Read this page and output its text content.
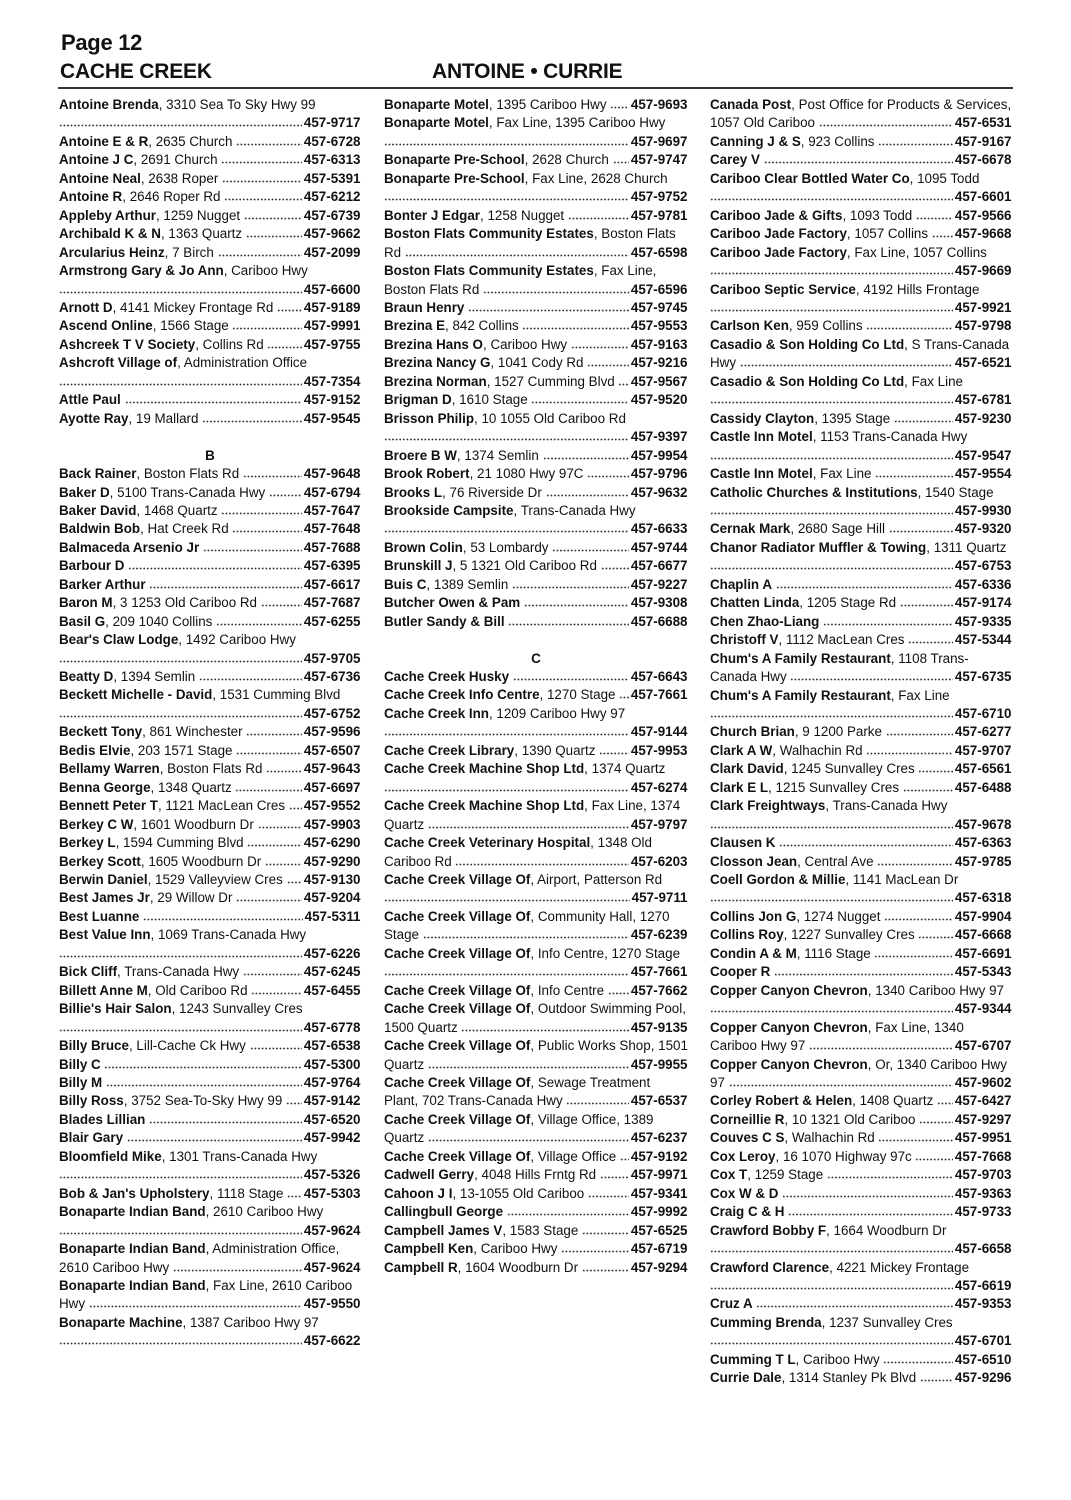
Page 12
CACHE CREEK	ANTOINE • CURRIE
Antoine Brenda , 3310 Sea To Sky Hwy 99 457-9717
Antoine E & R , 2635 Church	457-6728
Antoine J C , 2691 Church	457-6313
Antoine Neal , 2638 Roper	457-5391
Antoine R , 2646 Roper Rd	457-6212
Appleby Arthur , 1259 Nugget	457-6739
Archibald K & N , 1363 Quartz	457-9662
Arcularius Heinz , 7 Birch	457-2099
Armstrong Gary & Jo Ann , Cariboo Hwy 457-6600
Arnott D , 4141 Mickey Frontage Rd 457-9189
Ascend Online , 1566 Stage	457-9991
Ashcreek T V Society , Collins Rd	457-9755
Ashcroft Village of , Administration Office 457-7354
Attle Paul	457-9152
Ayotte Ray , 19 Mallard	457-9545
B
Back Rainer , Boston Flats Rd	457-9648
Baker D , 5100 Trans-Canada Hwy	457-6794
Baker David , 1468 Quartz	457-7647
Baldwin Bob , Hat Creek Rd	457-7648
Balmaceda Arsenio Jr	457-7688
Barbour D	457-6395
Barker Arthur	457-6617
Baron M , 3 1253 Old Cariboo Rd	457-7687
Basil G , 209 1040 Collins	457-6255
Bear's Claw Lodge , 1492 Cariboo Hwy 457-9705
Beatty D , 1394 Semlin	457-6736
Beckett Michelle - David , 1531 Cumming Blvd 457-6752
Beckett Tony , 861 Winchester	457-9596
Bedis Elvie , 203 1571 Stage	457-6507
Bellamy Warren , Boston Flats Rd	457-9643
Benna George , 1348 Quartz	457-6697
Bennett Peter T , 1121 MacLean Cres 457-9552
Berkey C W , 1601 Woodburn Dr	457-9903
Berkey L , 1594 Cumming Blvd	457-6290
Berkey Scott , 1605 Woodburn Dr	457-9290
Berwin Daniel , 1529 Valleyview Cres 457-9130
Best James Jr , 29 Willow Dr	457-9204
Best Luanne	457-5311
Best Value Inn , 1069 Trans-Canada Hwy 457-6226
Bick Cliff , Trans-Canada Hwy	457-6245
Billett Anne M , Old Cariboo Rd	457-6455
Billie's Hair Salon , 1243 Sunvalley Cres 457-6778
Billy Bruce , Lill-Cache Ck Hwy	457-6538
Billy C	457-5300
Billy M	457-9764
Billy Ross , 3752 Sea-To-Sky Hwy 99 457-9142
Blades Lillian	457-6520
Blair Gary	457-9942
Bloomfield Mike , 1301 Trans-Canada Hwy 457-5326
Bob & Jan's Upholstery , 1118 Stage 457-5303
Bonaparte Indian Band , 2610 Cariboo Hwy 457-9624
Bonaparte Indian Band , Administration Office, 2610 Cariboo Hwy	457-9624
Bonaparte Indian Band , Fax Line, 2610 Cariboo Hwy	457-9550
Bonaparte Machine , 1387 Cariboo Hwy 97 457-6622
Bonaparte Motel , 1395 Cariboo Hwy 457-9693
Bonaparte Motel , Fax Line, 1395 Cariboo Hwy 457-9697
Bonaparte Pre-School , 2628 Church 457-9747
Bonaparte Pre-School , Fax Line, 2628 Church 457-9752
Bonter J Edgar , 1258 Nugget	457-9781
Boston Flats Community Estates , Boston Flats Rd	457-6598
Boston Flats Community Estates , Fax Line, Boston Flats Rd	457-6596
Braun Henry	457-9745
Brezina E , 842 Collins	457-9553
Brezina Hans O , Cariboo Hwy	457-9163
Brezina Nancy G , 1041 Cody Rd	457-9216
Brezina Norman , 1527 Cumming Blvd 457-9567
Brigman D , 1610 Stage	457-9520
Brisson Philip , 10 1055 Old Cariboo Rd 457-9397
Broere B W , 1374 Semlin	457-9954
Brook Robert , 21 1080 Hwy 97C	457-9796
Brooks L , 76 Riverside Dr	457-9632
Brookside Campsite , Trans-Canada Hwy 457-6633
Brown Colin , 53 Lombardy	457-9744
Brunskill J , 5 1321 Old Cariboo Rd	457-6677
Buis C , 1389 Semlin	457-9227
Butcher Owen & Pam	457-9308
Butler Sandy & Bill	457-6688
C
Cache Creek Husky	457-6643
Cache Creek Info Centre , 1270 Stage 457-7661
Cache Creek Inn , 1209 Cariboo Hwy 97 457-9144
Cache Creek Library , 1390 Quartz	457-9953
Cache Creek Machine Shop Ltd , 1374 Quartz 457-6274
Cache Creek Machine Shop Ltd , Fax Line, 1374 Quartz	457-9797
Cache Creek Veterinary Hospital , 1348 Old Cariboo Rd	457-6203
Cache Creek Village Of , Airport, Patterson Rd 457-9711
Cache Creek Village Of , Community Hall, 1270 Stage	457-6239
Cache Creek Village Of , Info Centre, 1270 Stage 457-7661
Cache Creek Village Of , Info Centre 457-7662
Cache Creek Village Of , Outdoor Swimming Pool, 1500 Quartz	457-9135
Cache Creek Village Of , Public Works Shop, 1501 Quartz	457-9955
Cache Creek Village Of , Sewage Treatment Plant, 702 Trans-Canada Hwy	457-6537
Cache Creek Village Of , Village Office, 1389 Quartz	457-6237
Cache Creek Village Of , Village Office 457-9192
Cadwell Gerry , 4048 Hills Frntg Rd	457-9971
Cahoon J I , 13-1055 Old Cariboo	457-9341
Callingbull George	457-9992
Campbell James V , 1583 Stage	457-6525
Campbell Ken , Cariboo Hwy	457-6719
Campbell R , 1604 Woodburn Dr	457-9294
Canada Post , Post Office for Products & Services, 1057 Old Cariboo	457-6531
Canning J & S , 923 Collins	457-9167
Carey V	457-6678
Cariboo Clear Bottled Water Co , 1095 Todd 457-6601
Cariboo Jade & Gifts , 1093 Todd	457-9566
Cariboo Jade Factory , 1057 Collins 457-9668
Cariboo Jade Factory , Fax Line, 1057 Collins 457-9669
Cariboo Septic Service , 4192 Hills Frontage 457-9921
Carlson Ken , 959 Collins	457-9798
Casadio & Son Holding Co Ltd , S Trans-Canada Hwy	457-6521
Casadio & Son Holding Co Ltd , Fax Line 457-6781
Cassidy Clayton , 1395 Stage	457-9230
Castle Inn Motel , 1153 Trans-Canada Hwy 457-9547
Castle Inn Motel , Fax Line	457-9554
Catholic Churches & Institutions , 1540 Stage 457-9930
Cernak Mark , 2680 Sage Hill	457-9320
Chanor Radiator Muffler & Towing , 1311 Quartz 457-6753
Chaplin A	457-6336
Chatten Linda , 1205 Stage Rd	457-9174
Chen Zhao-Liang	457-9335
Christoff V , 1112 MacLean Cres	457-5344
Chum's A Family Restaurant , 1108 Trans-Canada Hwy	457-6735
Chum's A Family Restaurant , Fax Line 457-6710
Church Brian , 9 1200 Parke	457-6277
Clark A W , Walhachin Rd	457-9707
Clark David , 1245 Sunvalley Cres	457-6561
Clark E L , 1215 Sunvalley Cres	457-6488
Clark Freightways , Trans-Canada Hwy 457-9678
Clausen K	457-6363
Closson Jean , Central Ave	457-9785
Coell Gordon & Millie , 1141 MacLean Dr 457-6318
Collins Jon G , 1274 Nugget	457-9904
Collins Roy , 1227 Sunvalley Cres	457-6668
Condin A & M , 1116 Stage	457-6691
Cooper R	457-5343
Copper Canyon Chevron , 1340 Cariboo Hwy 97 457-9344
Copper Canyon Chevron , Fax Line, 1340 Cariboo Hwy 97	457-6707
Copper Canyon Chevron , Or, 1340 Cariboo Hwy 97	457-9602
Corley Robert & Helen , 1408 Quartz 457-6427
Corneillie R , 10 1321 Old Cariboo	457-9297
Couves C S , Walhachin Rd	457-9951
Cox Leroy , 16 1070 Highway 97c	457-7668
Cox T , 1259 Stage	457-9703
Cox W & D	457-9363
Craig C & H	457-9733
Crawford Bobby F , 1664 Woodburn Dr 457-6658
Crawford Clarence , 4221 Mickey Frontage 457-6619
Cruz A	457-9353
Cumming Brenda , 1237 Sunvalley Cres 457-6701
Cumming T L , Cariboo Hwy	457-6510
Currie Dale , 1314 Stanley Pk Blvd	457-9296
